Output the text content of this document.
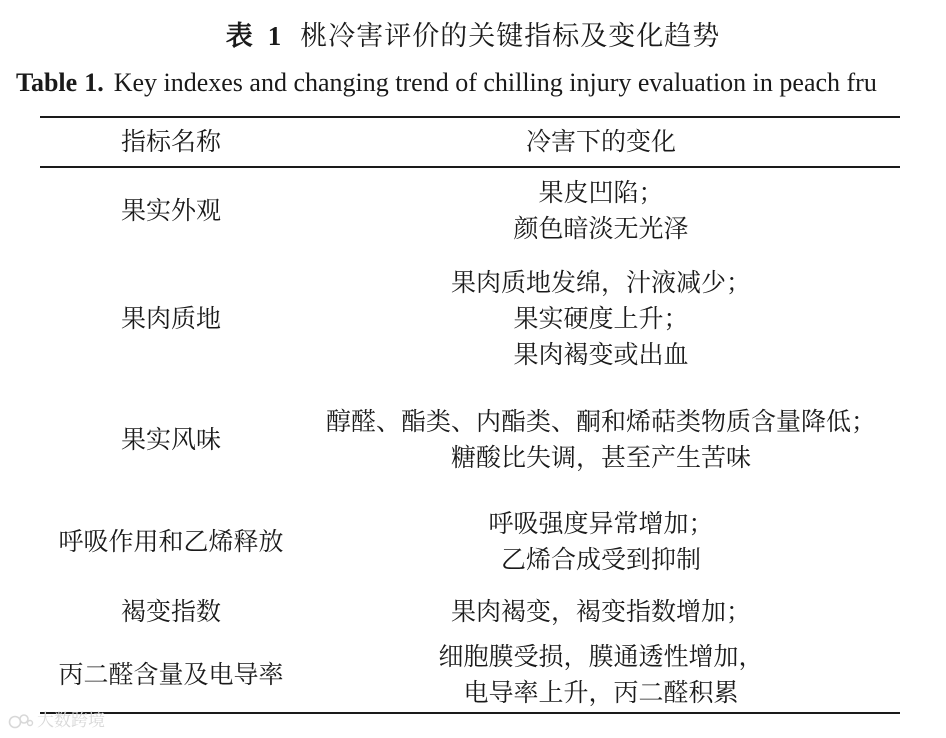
表 1 桃冷害评价的关键指标及变化趋势
Table 1. Key indexes and changing trend of chilling injury evaluation in peach fru
指标名称	冷害下的变化
果实外观	果皮凹陷；
颜色暗淡无光泽

果肉质地	果肉质地发绵，汁液减少；
果实硬度上升；
果肉褐变或出血

果实风味	醇醛、酯类、内酯类、酮和烯萜类物质含量降低；
糖酸比失调，甚至产生苦味

呼吸作用和乙烯释放	呼吸强度异常增加；
乙烯合成受到抑制

褐变指数	果肉褐变，褐变指数增加；

丙二醛含量及电导率	细胞膜受损，膜通透性增加，
电导率上升，丙二醛积累
大数跨境
